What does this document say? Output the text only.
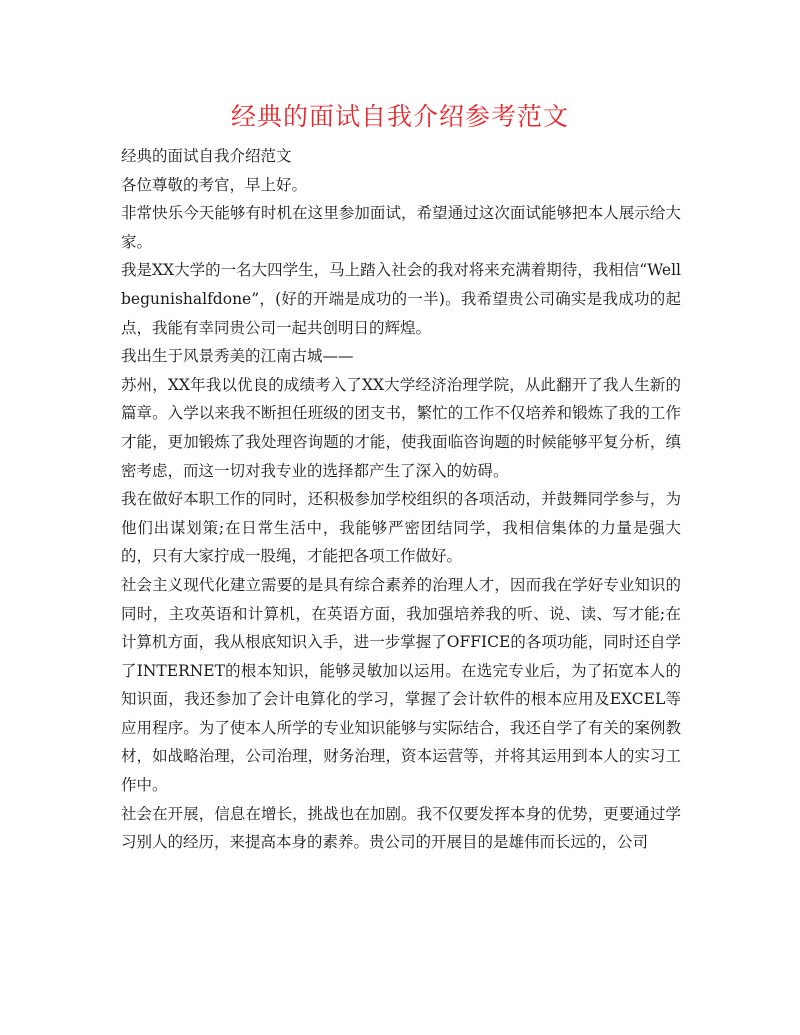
经典的面试自我介绍参考范文

经典的面试自我介绍范文

各位尊敬的考官，早上好。

非常快乐今天能够有时机在这里参加面试，希望通过这次面试能够把本人展示给大家。

我是XX大学的一名大四学生，马上踏入社会的我对将来充满着期待，我相信“Well begunishalfdone”，(好的开端是成功的一半)。我希望贵公司确实是我成功的起点，我能有幸同贵公司一起共创明日的辉煌。

我出生于风景秀美的江南古城——

苏州，XX年我以优良的成绩考入了XX大学经济治理学院，从此翻开了我人生新的篇章。入学以来我不断担任班级的团支书，繁忙的工作不仅培养和锻炼了我的工作才能，更加锻炼了我处理咨询题的才能，使我面临咨询题的时候能够平复分析，缜密考虑，而这一切对我专业的选择都产生了深入的妨碍。

我在做好本职工作的同时，还积极参加学校组织的各项活动，并鼓舞同学参与，为他们出谋划策;在日常生活中，我能够严密团结同学，我相信集体的力量是强大的，只有大家拧成一股绳，才能把各项工作做好。

社会主义现代化建立需要的是具有综合素养的治理人才，因而我在学好专业知识的同时，主攻英语和计算机，在英语方面，我加强培养我的听、说、读、写才能;在计算机方面，我从根底知识入手，进一步掌握了OFFICE的各项功能，同时还自学了INTERNET的根本知识，能够灵敏加以运用。在选完专业后，为了拓宽本人的知识面，我还参加了会计电算化的学习，掌握了会计软件的根本应用及EXCEL等应用程序。为了使本人所学的专业知识能够与实际结合，我还自学了有关的案例教材，如战略治理，公司治理，财务治理，资本运营等，并将其运用到本人的实习工作中。

社会在开展，信息在增长，挑战也在加剧。我不仅要发挥本身的优势，更要通过学习别人的经历，来提高本身的素养。贵公司的开展目的是雄伟而长远的，公司
